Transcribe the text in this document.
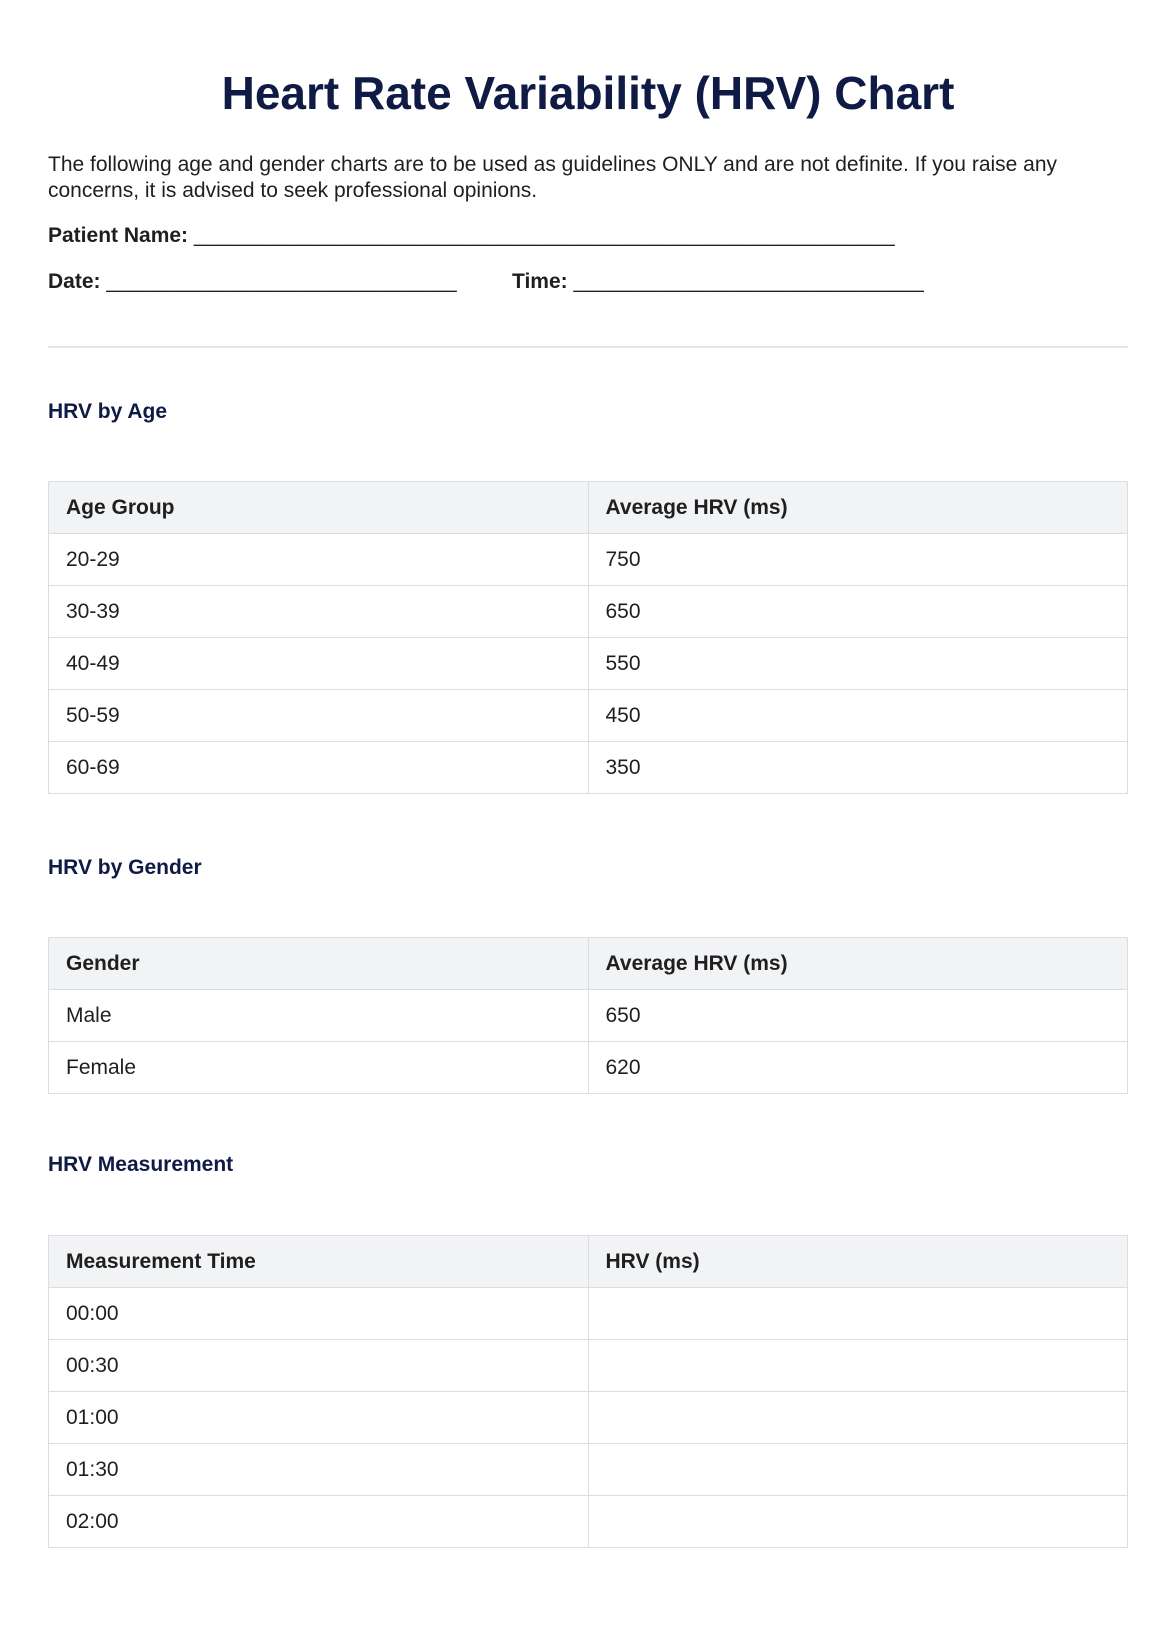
Heart Rate Variability (HRV) Chart

The following age and gender charts are to be used as guidelines ONLY and are not definite. If you raise any concerns, it is advised to seek professional opinions.

Patient Name: ____________________________________________________________
Date: ______________________________	Time: ______________________________
HRV by Age
Age Group	Average HRV (ms)
20-29	750
30-39	650
40-49	550
50-59	450
60-69	350
HRV by Gender
Gender	Average HRV (ms)
Male	650
Female	620
HRV Measurement
Measurement Time	HRV (ms)
00:00	
00:30	
01:00	
01:30	
02:00	
